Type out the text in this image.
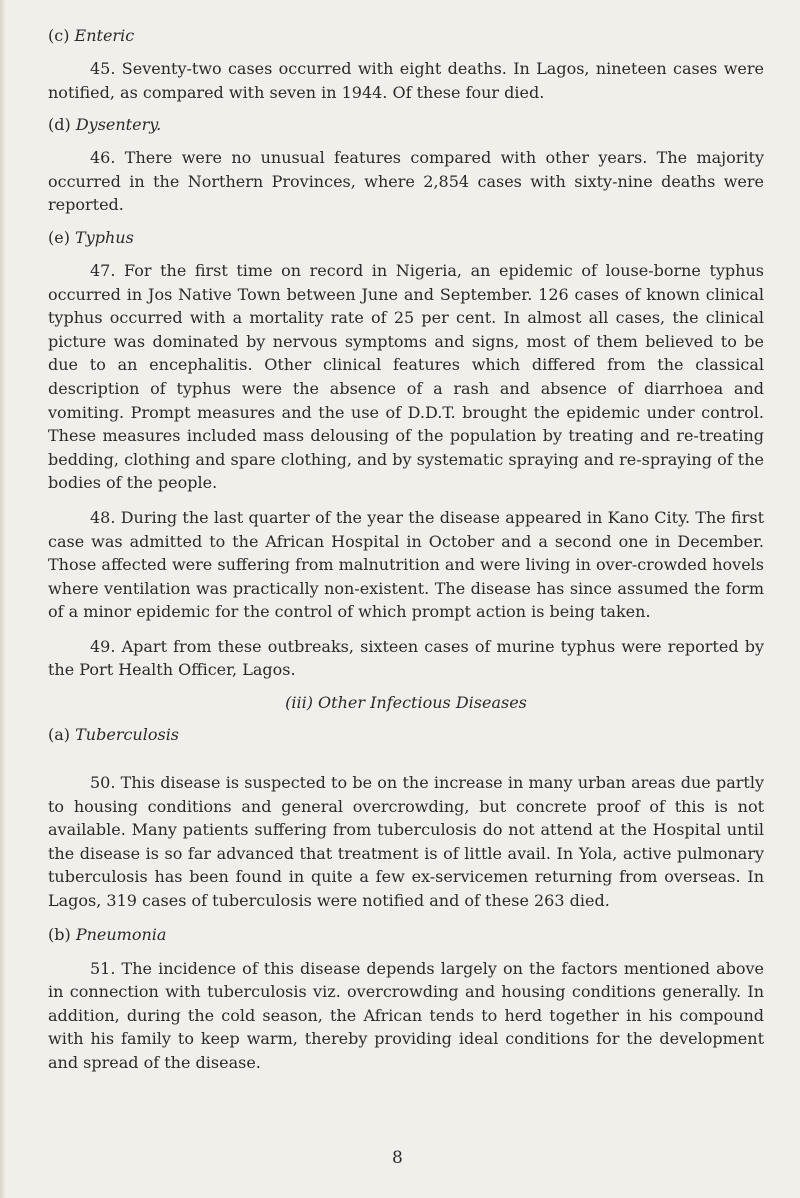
(c) Enteric

45. Seventy-two cases occurred with eight deaths. In Lagos, nineteen cases were notified, as compared with seven in 1944. Of these four died.

(d) Dysentery.

46. There were no unusual features compared with other years. The majority occurred in the Northern Provinces, where 2,854 cases with sixty-nine deaths were reported.

(e) Typhus

47. For the first time on record in Nigeria, an epidemic of louse-borne typhus occurred in Jos Native Town between June and September. 126 cases of known clinical typhus occurred with a mortality rate of 25 per cent. In almost all cases, the clinical picture was dominated by nervous symptoms and signs, most of them believed to be due to an encephalitis. Other clinical features which differed from the classical description of typhus were the absence of a rash and absence of diarrhoea and vomiting. Prompt measures and the use of D.D.T. brought the epidemic under control. These measures included mass delousing of the population by treating and re-treating bedding, clothing and spare clothing, and by systematic spraying and re-spraying of the bodies of the people.

48. During the last quarter of the year the disease appeared in Kano City. The first case was admitted to the African Hospital in October and a second one in December. Those affected were suffering from malnutrition and were living in over-crowded hovels where ventilation was practically non-existent. The disease has since assumed the form of a minor epidemic for the control of which prompt action is being taken.

49. Apart from these outbreaks, sixteen cases of murine typhus were reported by the Port Health Officer, Lagos.

(iii) Other Infectious Diseases
(a) Tuberculosis

50. This disease is suspected to be on the increase in many urban areas due partly to housing conditions and general overcrowding, but concrete proof of this is not available. Many patients suffering from tuberculosis do not attend at the Hospital until the disease is so far advanced that treatment is of little avail. In Yola, active pulmonary tuberculosis has been found in quite a few ex-servicemen returning from overseas. In Lagos, 319 cases of tuberculosis were notified and of these 263 died.

(b) Pneumonia

51. The incidence of this disease depends largely on the factors mentioned above in connection with tuberculosis viz. overcrowding and housing conditions generally. In addition, during the cold season, the African tends to herd together in his compound with his family to keep warm, thereby providing ideal conditions for the development and spread of the disease.

8
